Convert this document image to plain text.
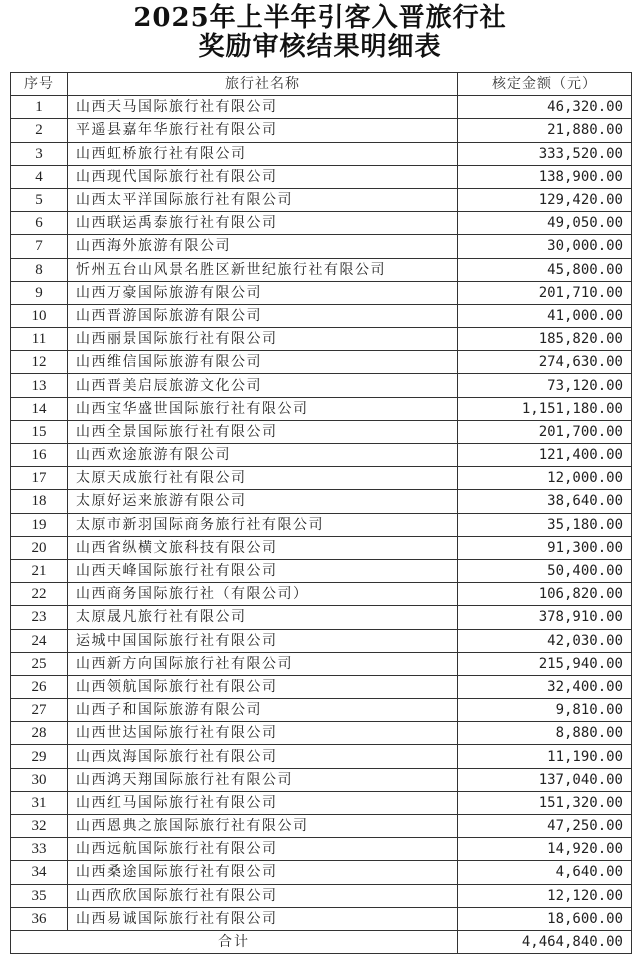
2025年上半年引客入晋旅行社
奖励审核结果明细表
序号	旅行社名称	核定金额（元）
1	山西天马国际旅行社有限公司	46,320.00
2	平遥县嘉年华旅行社有限公司	21,880.00
3	山西虹桥旅行社有限公司	333,520.00
4	山西现代国际旅行社有限公司	138,900.00
5	山西太平洋国际旅行社有限公司	129,420.00
6	山西联运禹泰旅行社有限公司	49,050.00
7	山西海外旅游有限公司	30,000.00
8	忻州五台山风景名胜区新世纪旅行社有限公司	45,800.00
9	山西万豪国际旅游有限公司	201,710.00
10	山西晋游国际旅游有限公司	41,000.00
11	山西丽景国际旅行社有限公司	185,820.00
12	山西维信国际旅游有限公司	274,630.00
13	山西晋美启辰旅游文化公司	73,120.00
14	山西宝华盛世国际旅行社有限公司	1,151,180.00
15	山西全景国际旅行社有限公司	201,700.00
16	山西欢途旅游有限公司	121,400.00
17	太原天成旅行社有限公司	12,000.00
18	太原好运来旅游有限公司	38,640.00
19	太原市新羽国际商务旅行社有限公司	35,180.00
20	山西省纵横文旅科技有限公司	91,300.00
21	山西天峰国际旅行社有限公司	50,400.00
22	山西商务国际旅行社（有限公司）	106,820.00
23	太原晟凡旅行社有限公司	378,910.00
24	运城中国国际旅行社有限公司	42,030.00
25	山西新方向国际旅行社有限公司	215,940.00
26	山西领航国际旅行社有限公司	32,400.00
27	山西子和国际旅游有限公司	9,810.00
28	山西世达国际旅行社有限公司	8,880.00
29	山西岚海国际旅行社有限公司	11,190.00
30	山西鸿天翔国际旅行社有限公司	137,040.00
31	山西红马国际旅行社有限公司	151,320.00
32	山西恩典之旅国际旅行社有限公司	47,250.00
33	山西远航国际旅行社有限公司	14,920.00
34	山西桑途国际旅行社有限公司	4,640.00
35	山西欣欣国际旅行社有限公司	12,120.00
36	山西易诚国际旅行社有限公司	18,600.00
合计		4,464,840.00
